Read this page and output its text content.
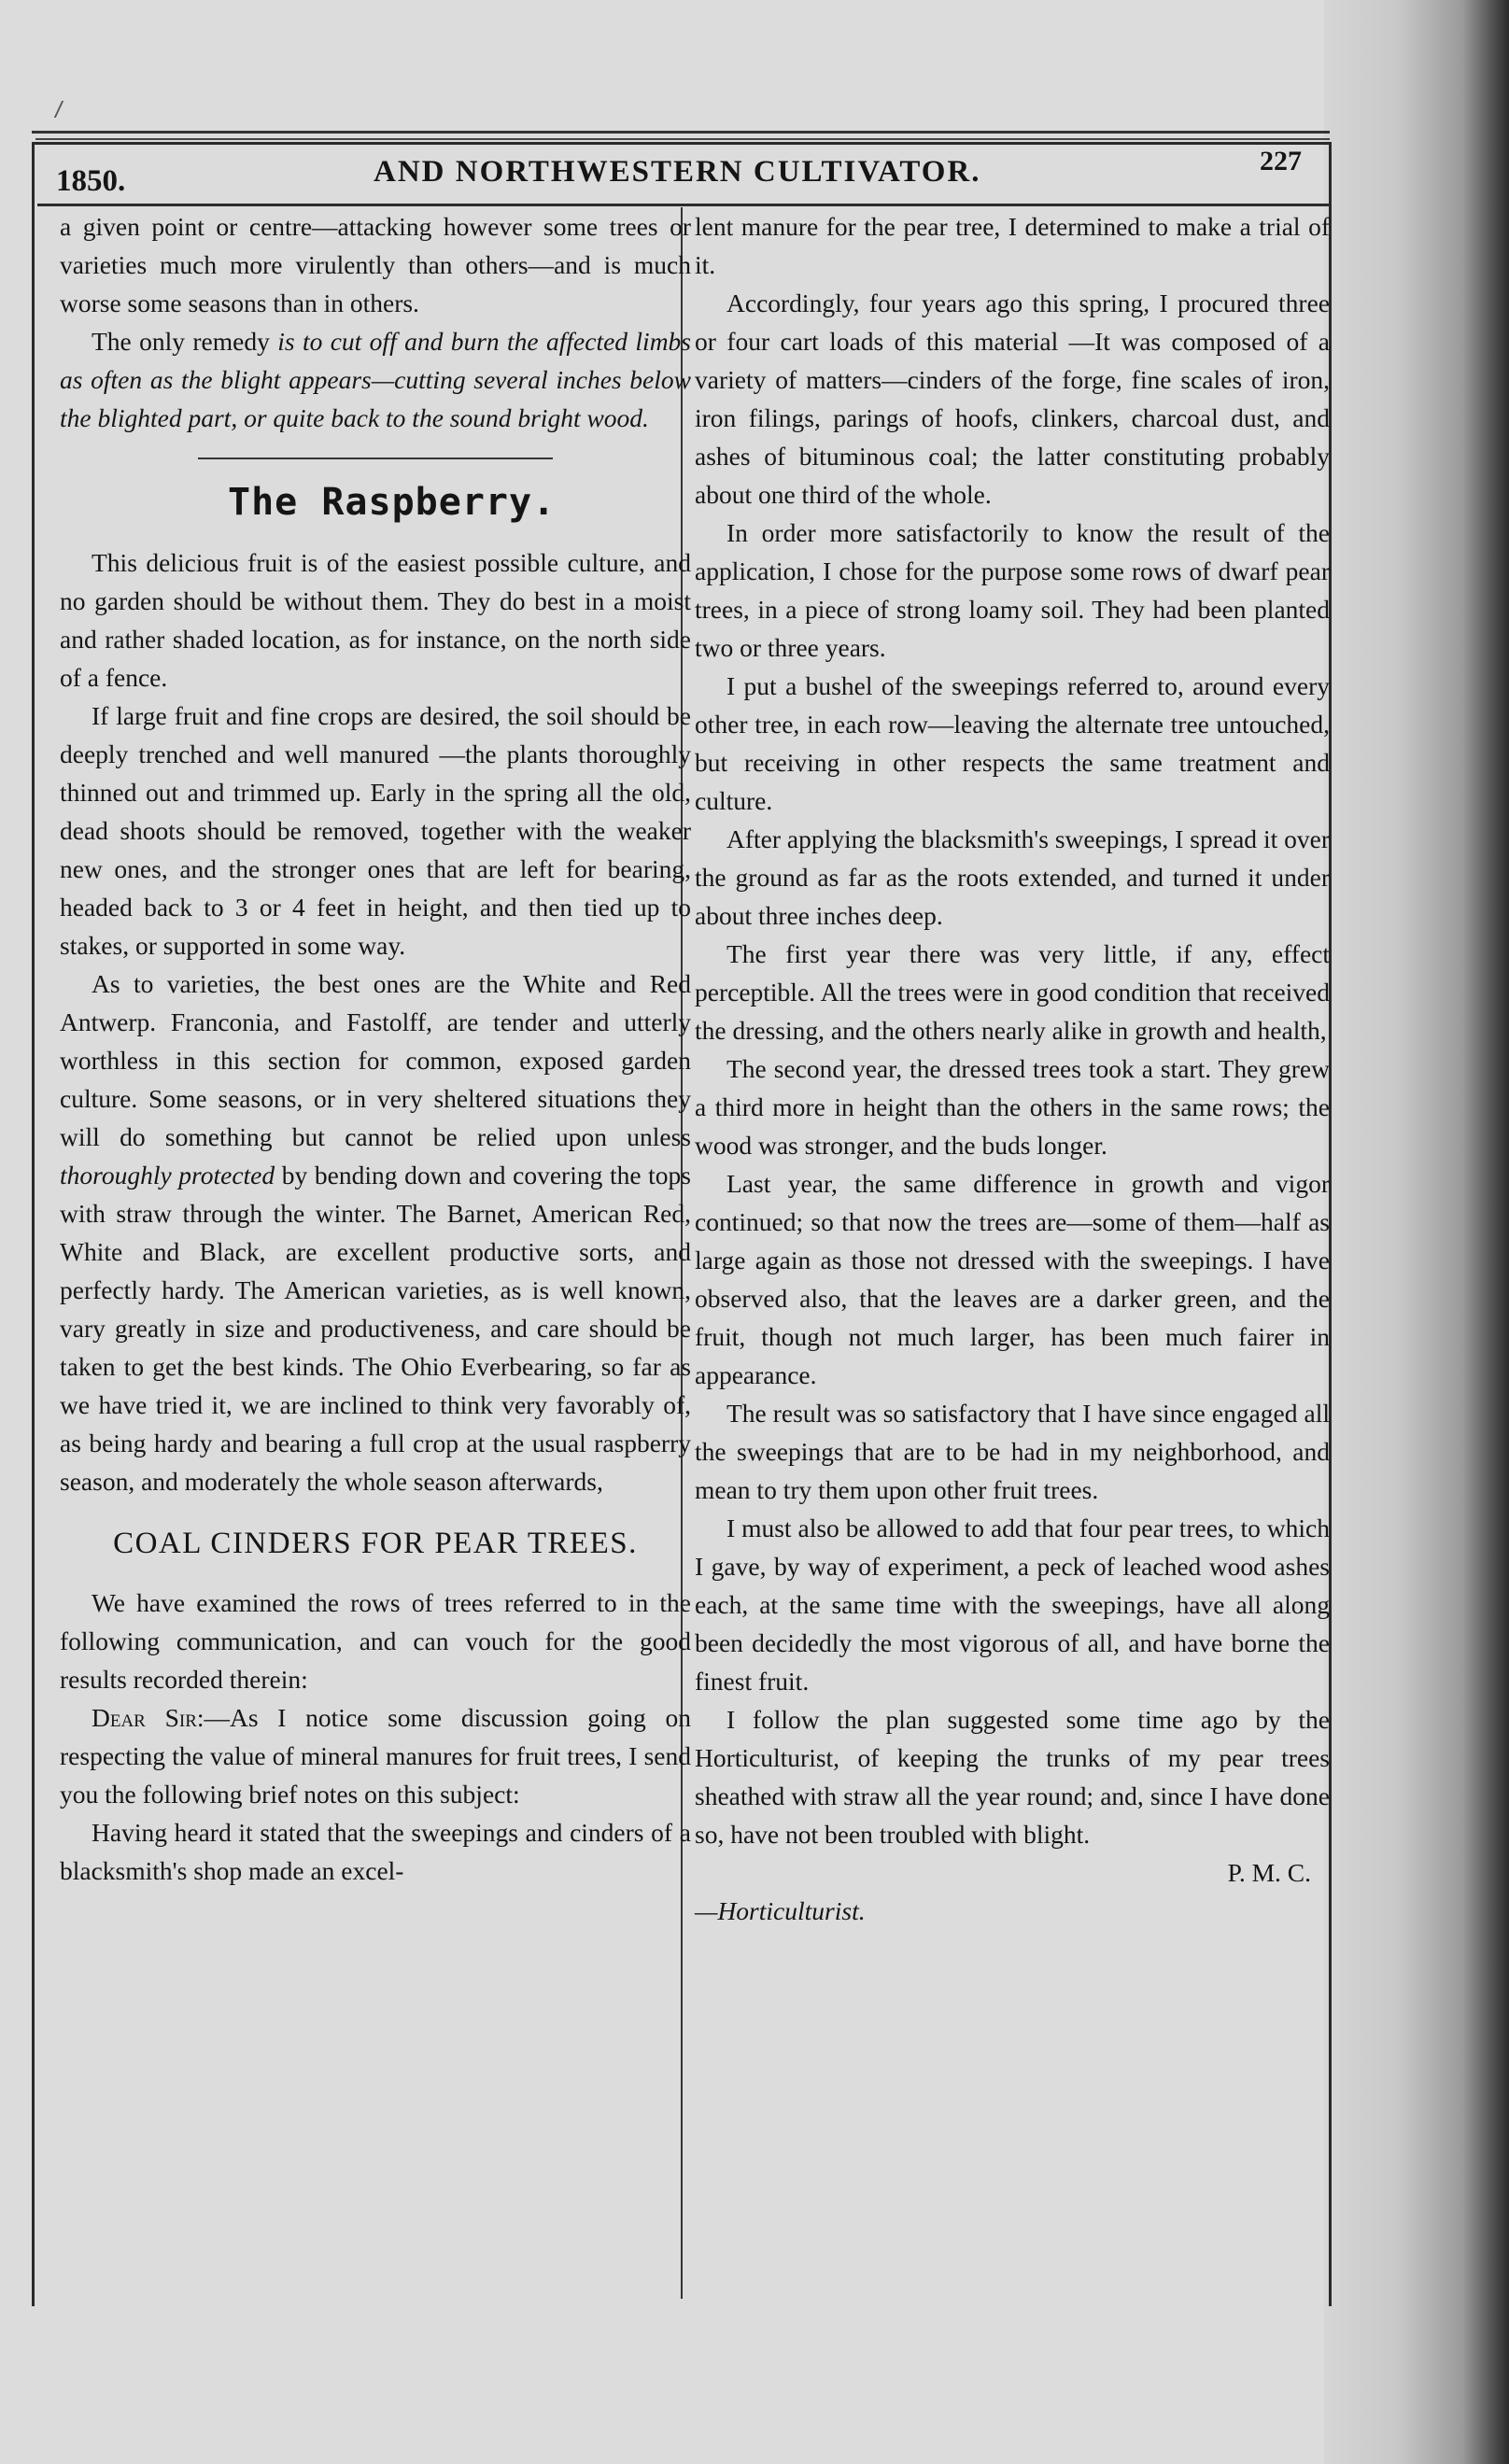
1850.	AND NORTHWESTERN CULTIVATOR.	227

a given point or centre—attacking however some trees or varieties much more virulently than others—and is much worse some seasons than in others.

The only remedy is to cut off and burn the affected limbs as often as the blight appears—cutting several inches below the blighted part, or quite back to the sound bright wood.

The Raspberry.

This delicious fruit is of the easiest possible culture, and no garden should be without them. They do best in a moist and rather shaded location, as for instance, on the north side of a fence.

If large fruit and fine crops are desired, the soil should be deeply trenched and well manured —the plants thoroughly thinned out and trimmed up. Early in the spring all the old, dead shoots should be removed, together with the weaker new ones, and the stronger ones that are left for bearing, headed back to 3 or 4 feet in height, and then tied up to stakes, or supported in some way.

As to varieties, the best ones are the White and Red Antwerp. Franconia, and Fastolff, are tender and utterly worthless in this section for common, exposed garden culture. Some seasons, or in very sheltered situations they will do something but cannot be relied upon unless thoroughly protected by bending down and covering the tops with straw through the winter. The Barnet, American Red, White and Black, are excellent productive sorts, and perfectly hardy. The American varieties, as is well known, vary greatly in size and productiveness, and care should be taken to get the best kinds. The Ohio Everbearing, so far as we have tried it, we are inclined to think very favorably of, as being hardy and bearing a full crop at the usual raspberry season, and moderately the whole season afterwards,

COAL CINDERS FOR PEAR TREES.

We have examined the rows of trees referred to in the following communication, and can vouch for the good results recorded therein:

Dear Sir:—As I notice some discussion going on respecting the value of mineral manures for fruit trees, I send you the following brief notes on this subject:

Having heard it stated that the sweepings and cinders of a blacksmith's shop made an excel-

lent manure for the pear tree, I determined to make a trial of it.

Accordingly, four years ago this spring, I procured three or four cart loads of this material —It was composed of a variety of matters—cinders of the forge, fine scales of iron, iron filings, parings of hoofs, clinkers, charcoal dust, and ashes of bituminous coal; the latter constituting probably about one third of the whole.

In order more satisfactorily to know the result of the application, I chose for the purpose some rows of dwarf pear trees, in a piece of strong loamy soil. They had been planted two or three years.

I put a bushel of the sweepings referred to, around every other tree, in each row—leaving the alternate tree untouched, but receiving in other respects the same treatment and culture.

After applying the blacksmith's sweepings, I spread it over the ground as far as the roots extended, and turned it under about three inches deep.

The first year there was very little, if any, effect perceptible. All the trees were in good condition that received the dressing, and the others nearly alike in growth and health,

The second year, the dressed trees took a start. They grew a third more in height than the others in the same rows; the wood was stronger, and the buds longer.

Last year, the same difference in growth and vigor continued; so that now the trees are—some of them—half as large again as those not dressed with the sweepings. I have observed also, that the leaves are a darker green, and the fruit, though not much larger, has been much fairer in appearance.

The result was so satisfactory that I have since engaged all the sweepings that are to be had in my neighborhood, and mean to try them upon other fruit trees.

I must also be allowed to add that four pear trees, to which I gave, by way of experiment, a peck of leached wood ashes each, at the same time with the sweepings, have all along been decidedly the most vigorous of all, and have borne the finest fruit.

I follow the plan suggested some time ago by the Horticulturist, of keeping the trunks of my pear trees sheathed with straw all the year round; and, since I have done so, have not been troubled with blight.

P. M. C.

—Horticulturist.
